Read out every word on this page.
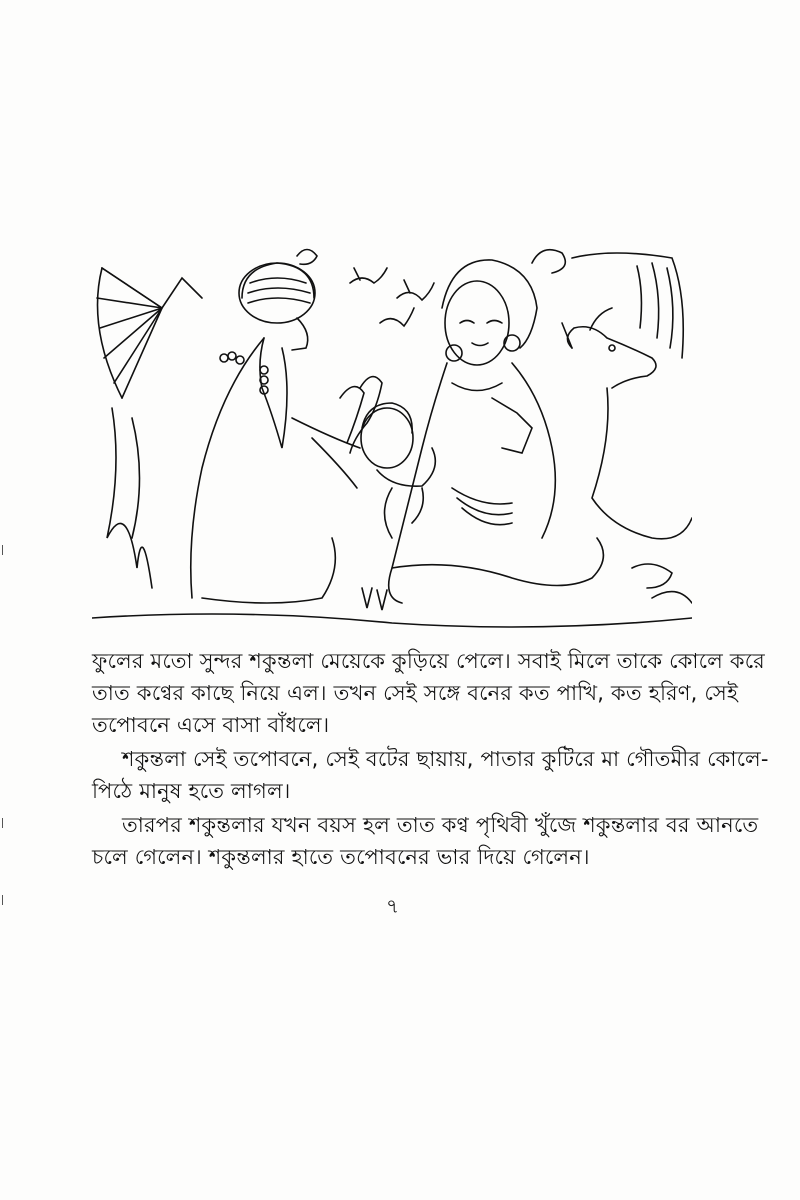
ফুলের মতো সুন্দর শকুন্তলা মেয়েকে কুড়িয়ে পেলে। সবাই মিলে তাকে কোলে করে
তাত কণ্বের কাছে নিয়ে এল। তখন সেই সঙ্গে বনের কত পাখি, কত হরিণ, সেই
তপোবনে এসে বাসা বাঁধলে।

শকুন্তলা সেই তপোবনে, সেই বটের ছায়ায়, পাতার কুটিরে মা গৌতমীর কোলে-
পিঠে মানুষ হতে লাগল।

তারপর শকুন্তলার যখন বয়স হল তাত কণ্ব পৃথিবী খুঁজে শকুন্তলার বর আনতে
চলে গেলেন। শকুন্তলার হাতে তপোবনের ভার দিয়ে গেলেন।

৭
